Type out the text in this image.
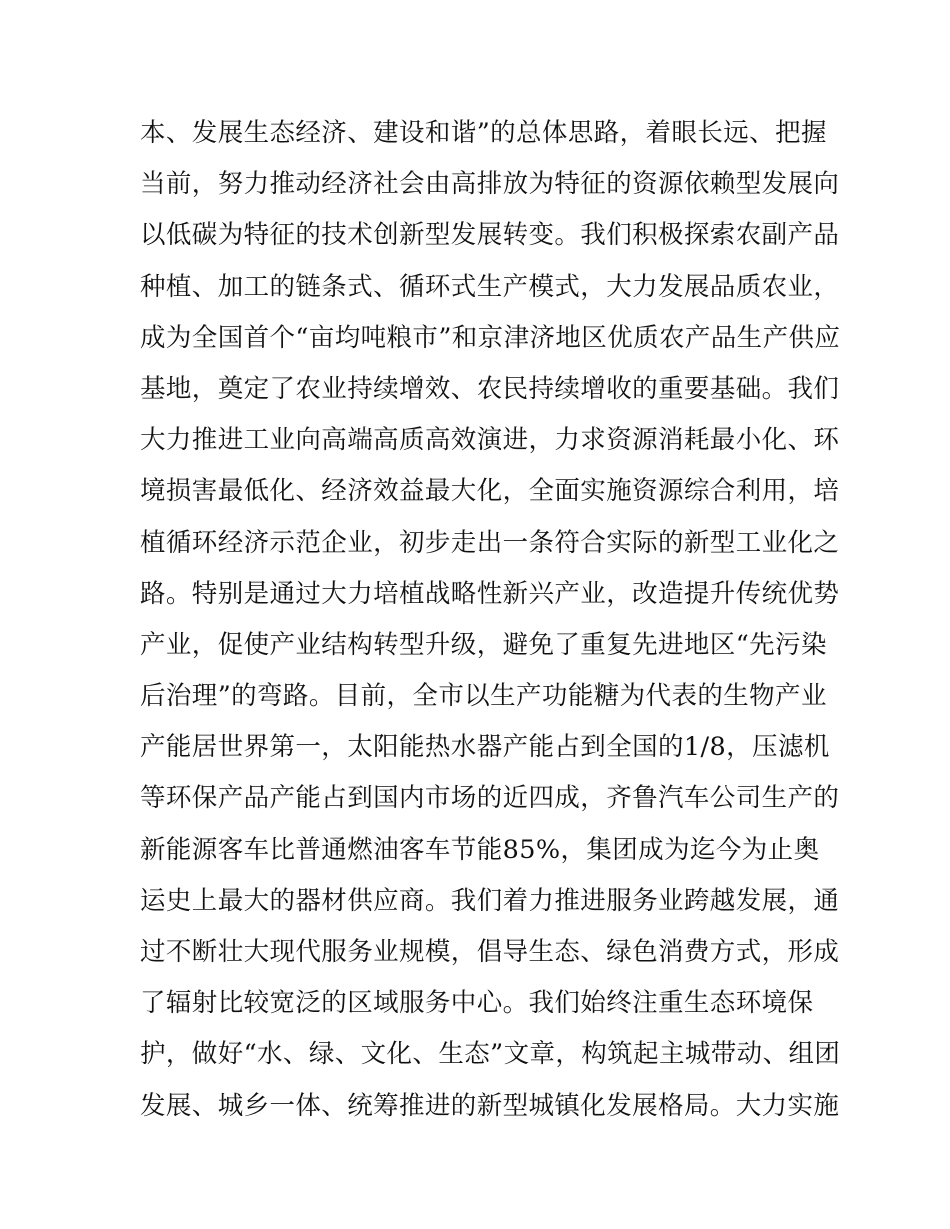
本、发展生态经济、建设和谐”的总体思路，着眼长远、把握
当前，努力推动经济社会由高排放为特征的资源依赖型发展向
以低碳为特征的技术创新型发展转变。我们积极探索农副产品
种植、加工的链条式、循环式生产模式，大力发展品质农业，
成为全国首个“亩均吨粮市”和京津济地区优质农产品生产供应
基地，奠定了农业持续增效、农民持续增收的重要基础。我们
大力推进工业向高端高质高效演进，力求资源消耗最小化、环
境损害最低化、经济效益最大化，全面实施资源综合利用，培
植循环经济示范企业，初步走出一条符合实际的新型工业化之
路。特别是通过大力培植战略性新兴产业，改造提升传统优势
产业，促使产业结构转型升级，避免了重复先进地区“先污染
后治理”的弯路。目前，全市以生产功能糖为代表的生物产业
产能居世界第一，太阳能热水器产能占到全国的1/8，压滤机
等环保产品产能占到国内市场的近四成，齐鲁汽车公司生产的
新能源客车比普通燃油客车节能85%，集团成为迄今为止奥
运史上最大的器材供应商。我们着力推进服务业跨越发展，通
过不断壮大现代服务业规模，倡导生态、绿色消费方式，形成
了辐射比较宽泛的区域服务中心。我们始终注重生态环境保
护，做好“水、绿、文化、生态”文章，构筑起主城带动、组团
发展、城乡一体、统筹推进的新型城镇化发展格局。大力实施
